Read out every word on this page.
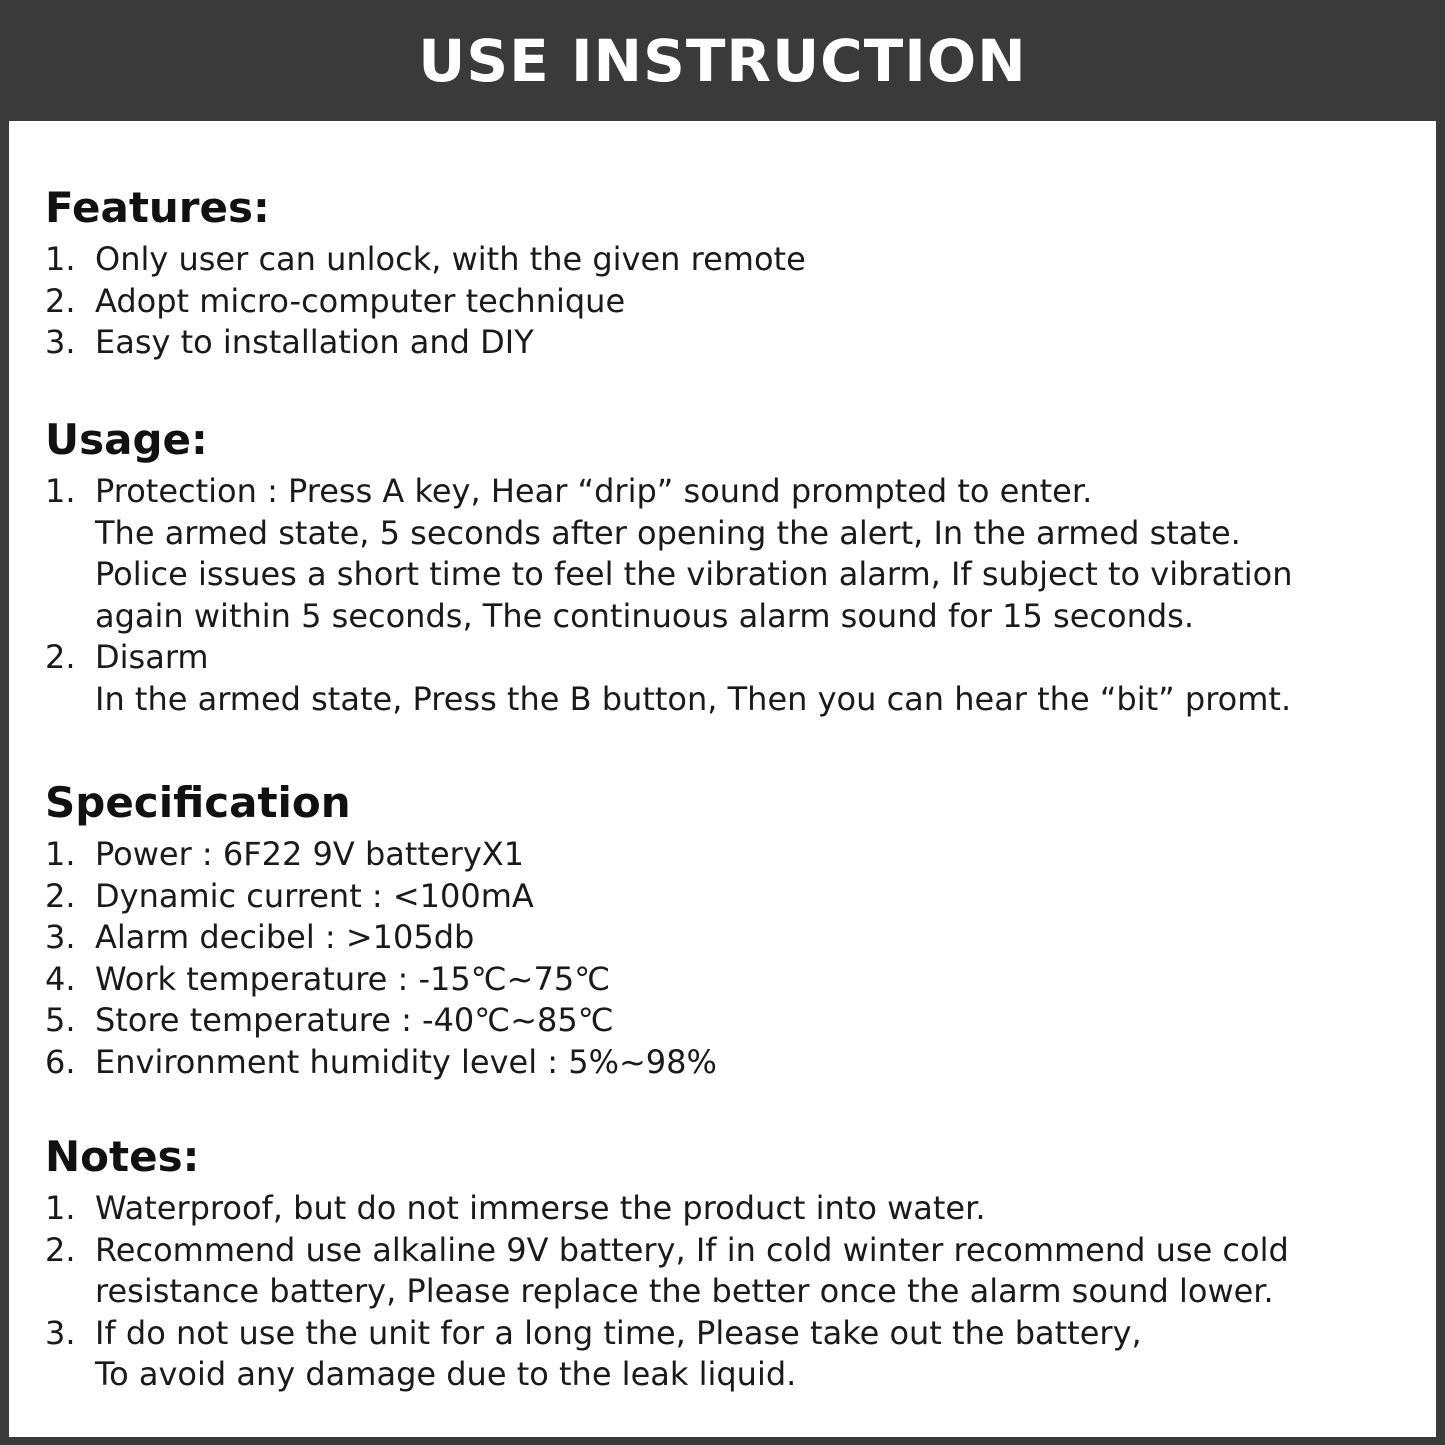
USE INSTRUCTION
Features:
1. Only user can unlock, with the given remote
2. Adopt micro-computer technique
3. Easy to installation and DIY
Usage:
1. Protection : Press A key, Hear “drip” sound prompted to enter.
The armed state, 5 seconds after opening the alert, In the armed state.
Police issues a short time to feel the vibration alarm, If subject to vibration
again within 5 seconds, The continuous alarm sound for 15 seconds.
2. Disarm
In the armed state, Press the B button, Then you can hear the “bit” promt.
Specification
1. Power : 6F22 9V batteryX1
2. Dynamic current : <100mA
3. Alarm decibel : >105db
4. Work temperature : -15℃~75℃
5. Store temperature : -40℃~85℃
6. Environment humidity level : 5%~98%
Notes:
1. Waterproof, but do not immerse the product into water.
2. Recommend use alkaline 9V battery, If in cold winter recommend use cold
resistance battery, Please replace the better once the alarm sound lower.
3. If do not use the unit for a long time, Please take out the battery,
To avoid any damage due to the leak liquid.
